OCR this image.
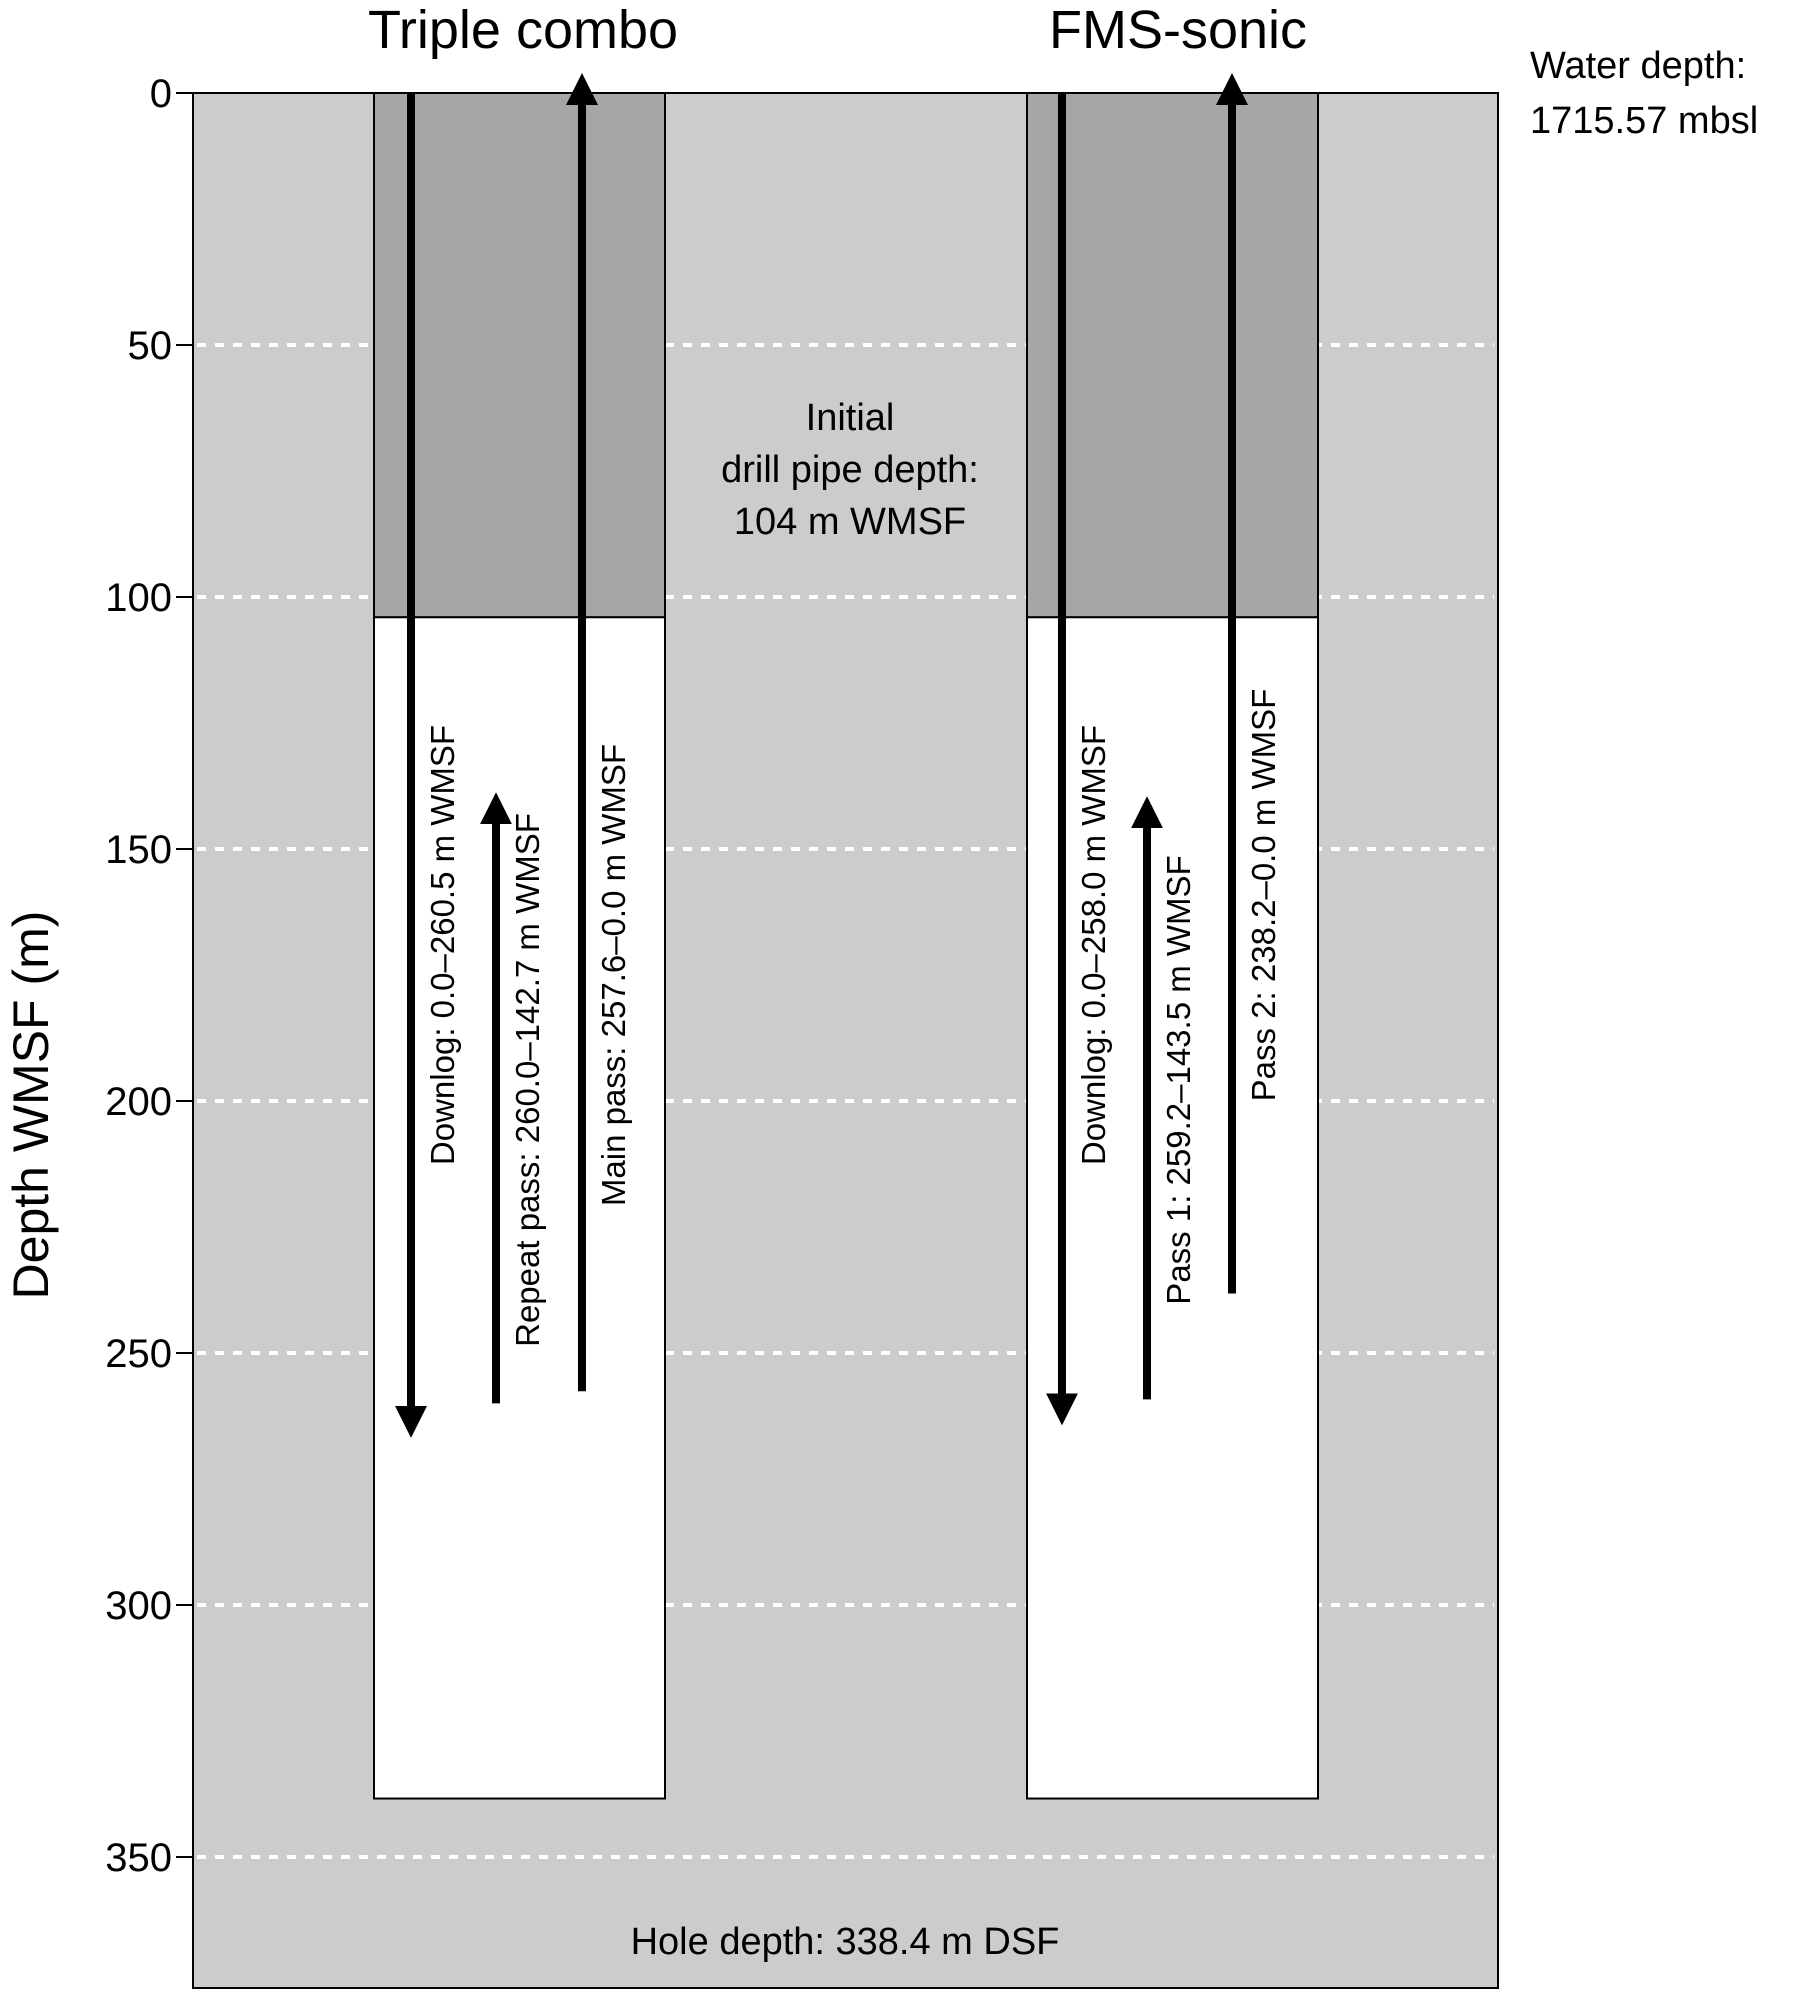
Downlog: 0.0–260.5 m WMSF Repeat pass: 260.0–142.7 m WMSF Main pass: 257.6–0.0 m WMSF	Downlog: 0.0–258.0 m WMSF Pass 1: 259.2–143.5 m WMSF Pass 2: 238.2–0.0 m WMSF
0
50
100
150
200
250
300
350
Triple combo	FMS-sonic
Water depth:
1715.57 mbsl
Initial
drill pipe depth:
104 m WMSF
Hole depth: 338.4 m DSF
Depth WMSF (m)
